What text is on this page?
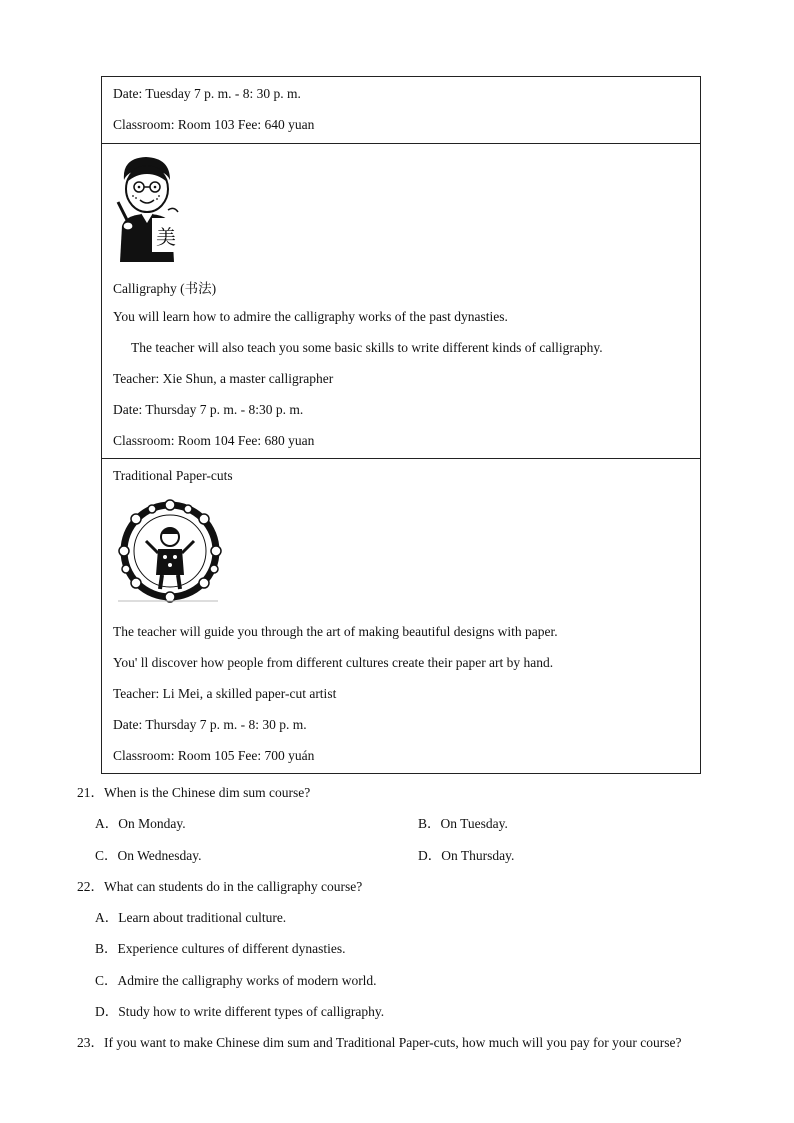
Date: Tuesday 7 p. m. - 8: 30 p. m.
Classroom: Room 103 Fee: 640 yuan
美
Calligraphy (书法)
You will learn how to admire the calligraphy works of the past dynasties.
The teacher will also teach you some basic skills to write different kinds of calligraphy.
Teacher: Xie Shun, a master calligrapher
Date: Thursday 7 p. m. - 8:30 p. m.
Classroom: Room 104 Fee: 680 yuan
Traditional Paper-cuts
The teacher will guide you through the art of making beautiful designs with paper.
You' ll discover how people from different cultures create their paper art by hand.
Teacher: Li Mei, a skilled paper-cut artist
Date: Thursday 7 p. m. - 8: 30 p. m.
Classroom: Room 105 Fee: 700 yuán
21．When is the Chinese dim sum course?
A．On Monday.	B．On Tuesday.
C．On Wednesday.	D．On Thursday.
22．What can students do in the calligraphy course?
A．Learn about traditional culture.
B．Experience cultures of different dynasties.
C．Admire the calligraphy works of modern world.
D．Study how to write different types of calligraphy.
23．If you want to make Chinese dim sum and Traditional Paper-cuts, how much will you pay for your course?
